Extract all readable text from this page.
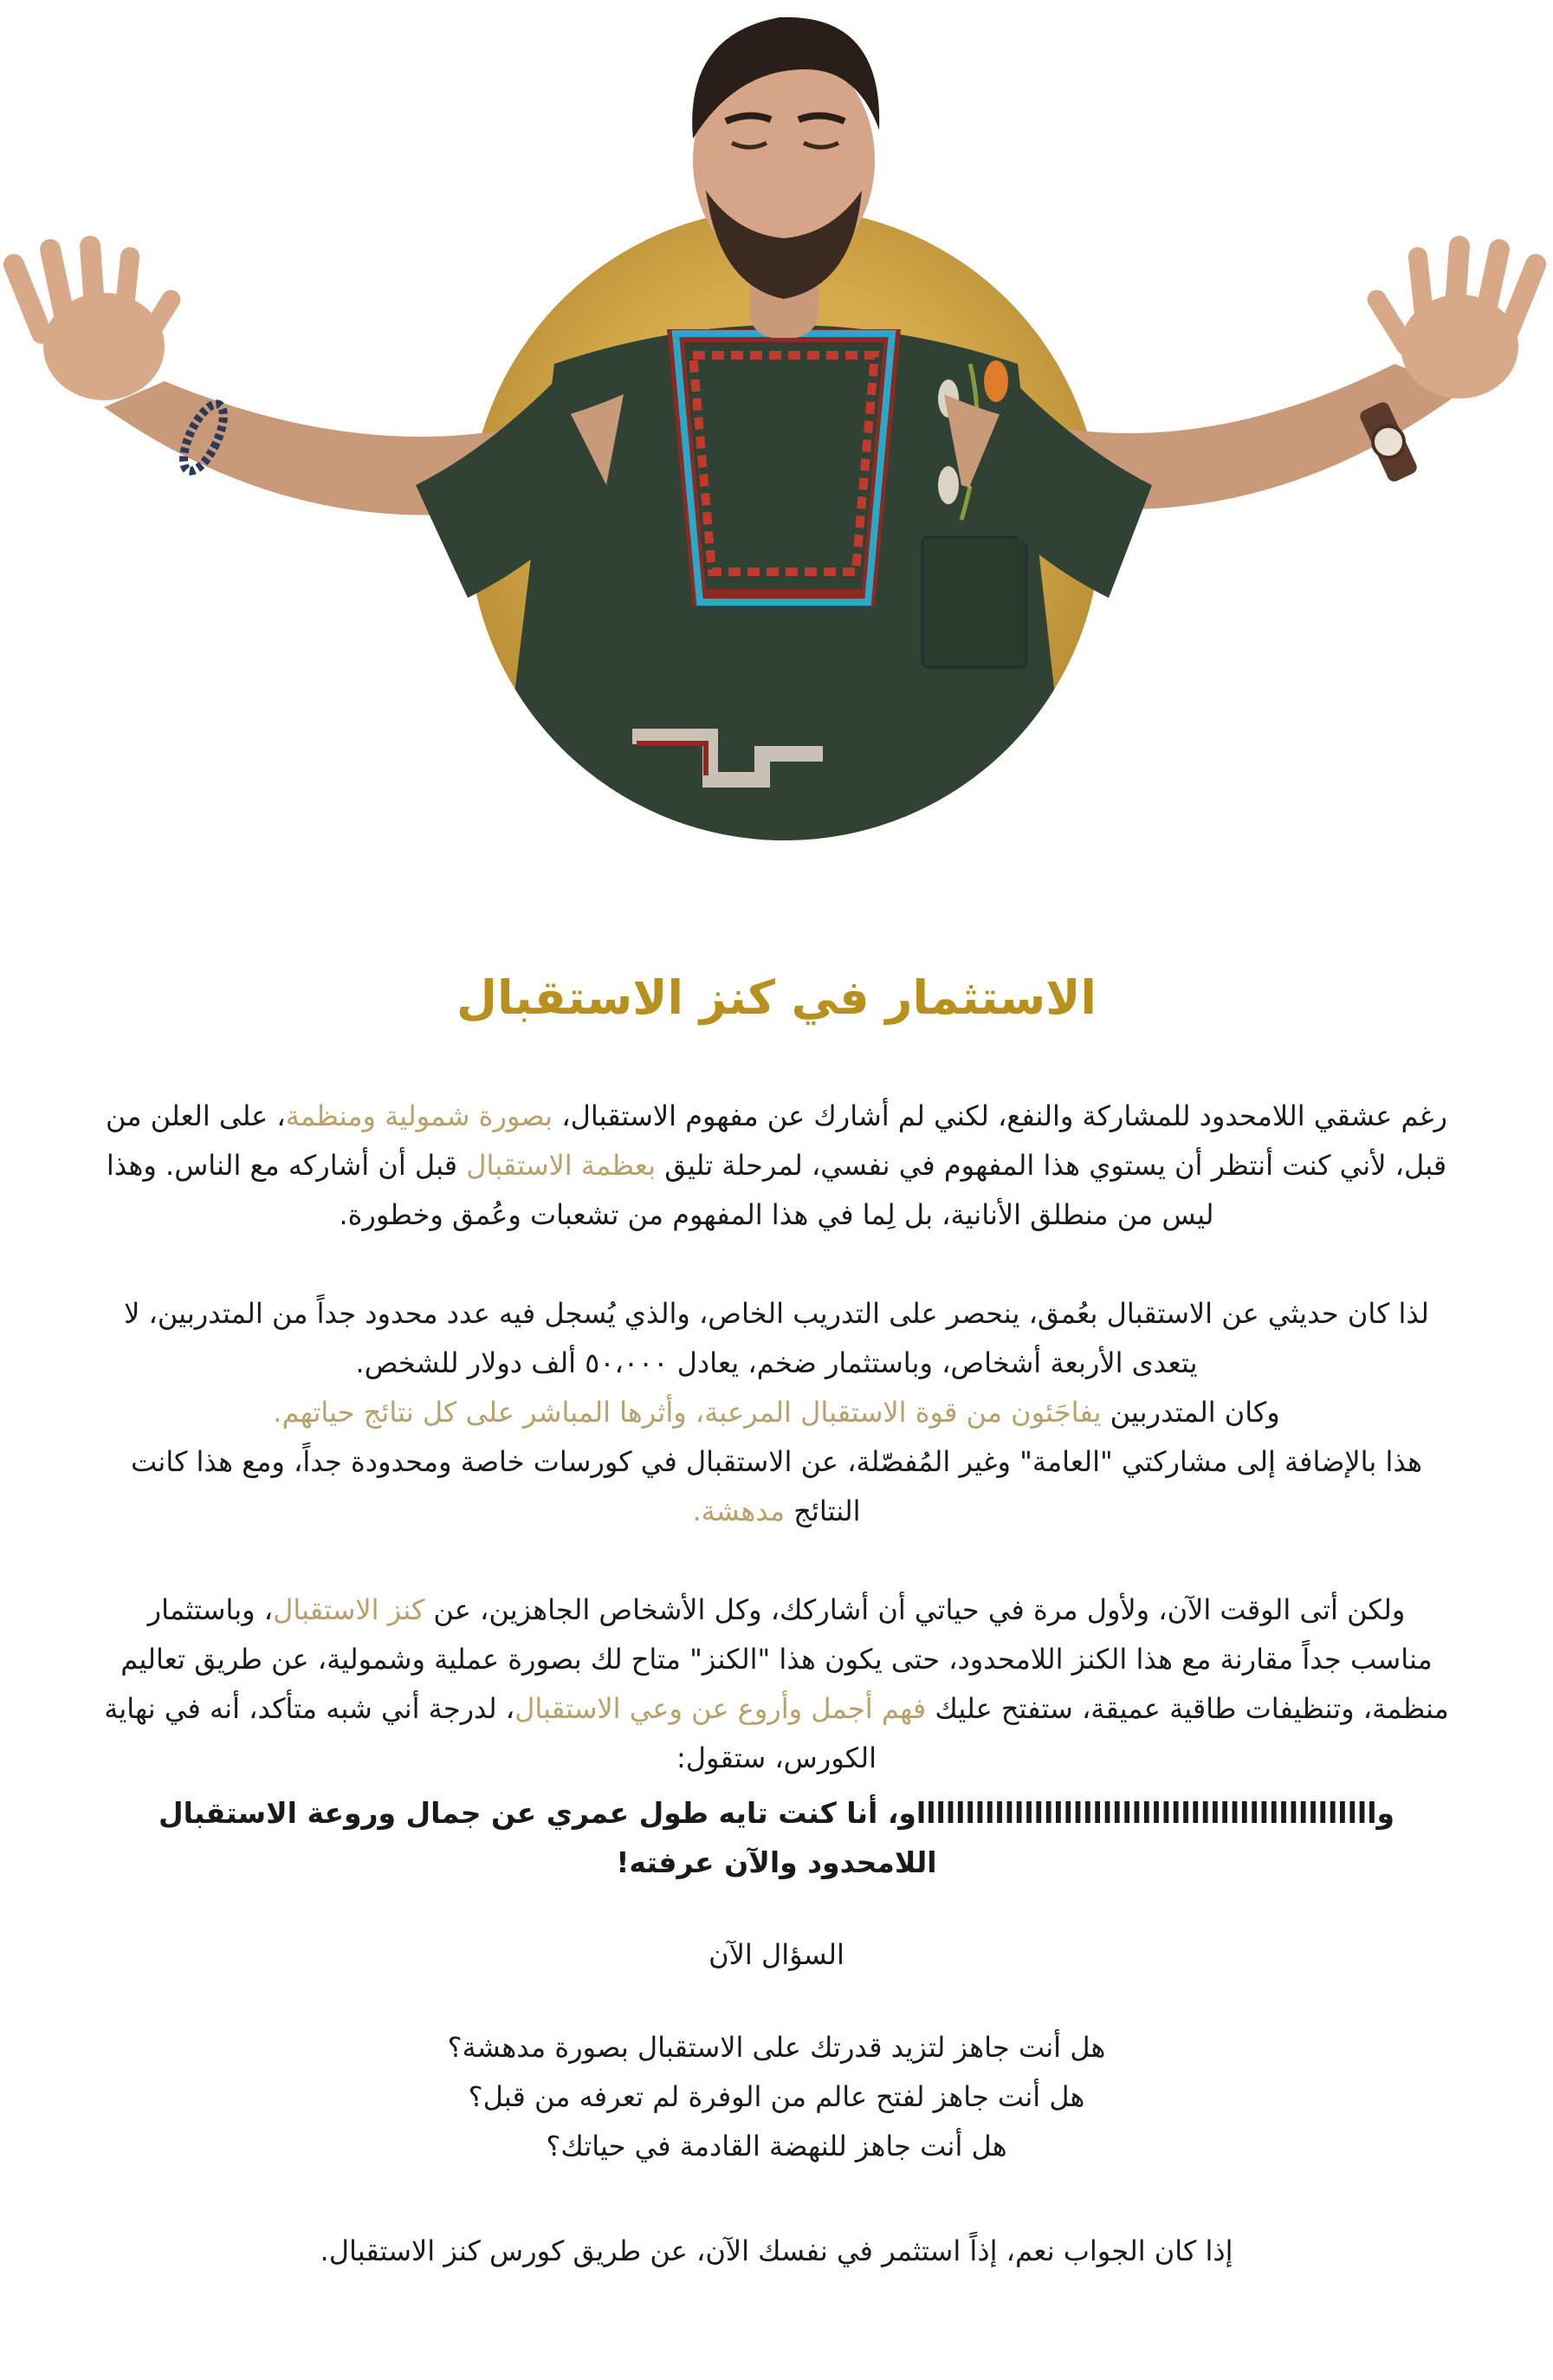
الاستثمار في كنز الاستقبال

رغم عشقي اللامحدود للمشاركة والنفع، لكني لم أشارك عن مفهوم الاستقبال، بصورة شمولية ومنظمة، على العلن من قبل، لأني كنت أنتظر أن يستوي هذا المفهوم في نفسي، لمرحلة تليق بعظمة الاستقبال قبل أن أشاركه مع الناس. وهذا ليس من منطلق الأنانية، بل لِما في هذا المفهوم من تشعبات وعُمق وخطورة.

لذا كان حديثي عن الاستقبال بعُمق، ينحصر على التدريب الخاص، والذي يُسجل فيه عدد محدود جداً من المتدربين، لا يتعدى الأربعة أشخاص، وباستثمار ضخم، يعادل ٥٠،٠٠٠ ألف دولار للشخص.
وكان المتدربين يفاجَئون من قوة الاستقبال المرعبة، وأثرها المباشر على كل نتائج حياتهم.
هذا بالإضافة إلى مشاركتي "العامة" وغير المُفصّلة، عن الاستقبال في كورسات خاصة ومحدودة جداً، ومع هذا كانت النتائج مدهشة.

ولكن أتى الوقت الآن، ولأول مرة في حياتي أن أشاركك، وكل الأشخاص الجاهزين، عن كنز الاستقبال، وباستثمار مناسب جداً مقارنة مع هذا الكنز اللامحدود، حتى يكون هذا "الكنز" متاح لك بصورة عملية وشمولية، عن طريق تعاليم منظمة، وتنظيفات طاقية عميقة، ستفتح عليك فهم أجمل وأروع عن وعي الاستقبال، لدرجة أني شبه متأكد، أنه في نهاية الكورس، ستقول:

واااااااااااااااااااااااااااااااااااااااااااااااو، أنا كنت تايه طول عمري عن جمال وروعة الاستقبال اللامحدود والآن عرفته!

السؤال الآن

هل أنت جاهز لتزيد قدرتك على الاستقبال بصورة مدهشة؟
هل أنت جاهز لفتح عالم من الوفرة لم تعرفه من قبل؟
هل أنت جاهز للنهضة القادمة في حياتك؟

إذا كان الجواب نعم، إذاً استثمر في نفسك الآن، عن طريق كورس كنز الاستقبال.
